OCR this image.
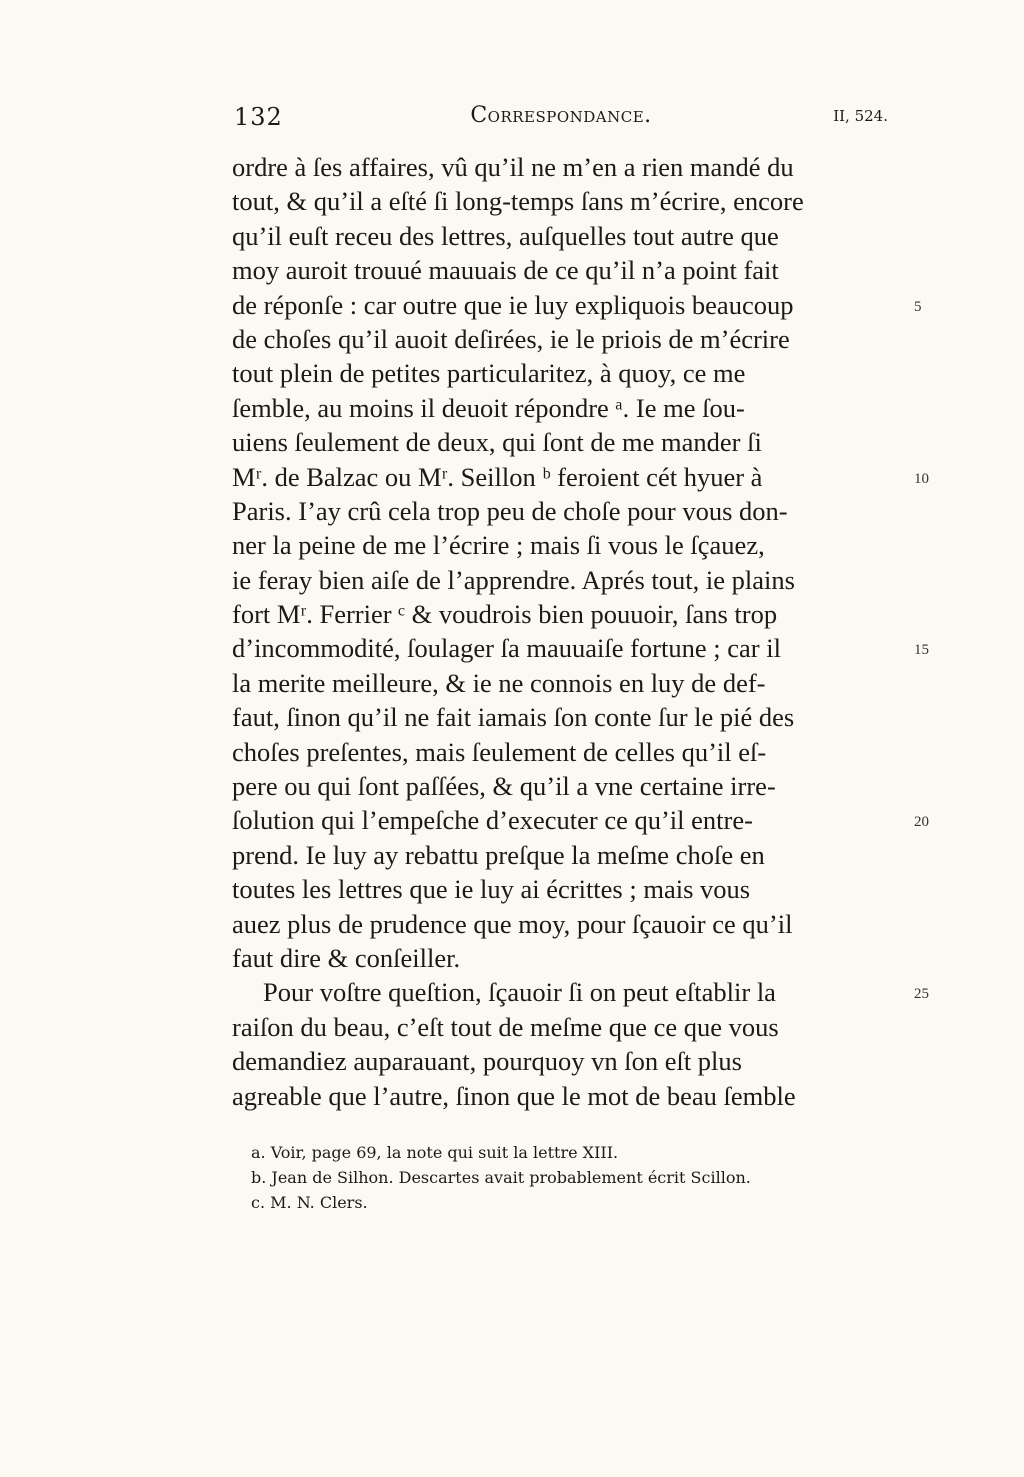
132	Correspondance.	II, 524.
ordre à ſes affaires, vû qu’il ne m’en a rien mandé du
tout, & qu’il a eſté ſi long-temps ſans m’écrire, encore
qu’il euſt receu des lettres, auſquelles tout autre que
moy auroit trouué mauuais de ce qu’il n’a point fait
de réponſe : car outre que ie luy expliquois beaucoup	5
de choſes qu’il auoit deſirées, ie le priois de m’écrire
tout plein de petites particularitez, à quoy, ce me
ſemble, au moins il deuoit répondre ᵃ. Ie me ſou-
uiens ſeulement de deux, qui ſont de me mander ſi
Mʳ. de Balzac ou Mʳ. Seillon ᵇ feroient cét hyuer à	10
Paris. I’ay crû cela trop peu de choſe pour vous don-
ner la peine de me l’écrire ; mais ſi vous le ſçauez,
ie feray bien aiſe de l’apprendre. Aprés tout, ie plains
fort Mʳ. Ferrier ᶜ & voudrois bien pouuoir, ſans trop
d’incommodité, ſoulager ſa mauuaiſe fortune ; car il	15
la merite meilleure, & ie ne connois en luy de def-
faut, ſinon qu’il ne fait iamais ſon conte ſur le pié des
choſes preſentes, mais ſeulement de celles qu’il eſ-
pere ou qui ſont paſſées, & qu’il a vne certaine irre-
ſolution qui l’empeſche d’executer ce qu’il entre-	20
prend. Ie luy ay rebattu preſque la meſme choſe en
toutes les lettres que ie luy ai écrittes ; mais vous
auez plus de prudence que moy, pour ſçauoir ce qu’il
faut dire & conſeiller.
Pour voſtre queſtion, ſçauoir ſi on peut eſtablir la	25
raiſon du beau, c’eſt tout de meſme que ce que vous
demandiez auparauant, pourquoy vn ſon eſt plus
agreable que l’autre, ſinon que le mot de beau ſemble
a. Voir, page 69, la note qui suit la lettre XIII.
b. Jean de Silhon. Descartes avait probablement écrit Scillon.
c. M. N. Clers.
